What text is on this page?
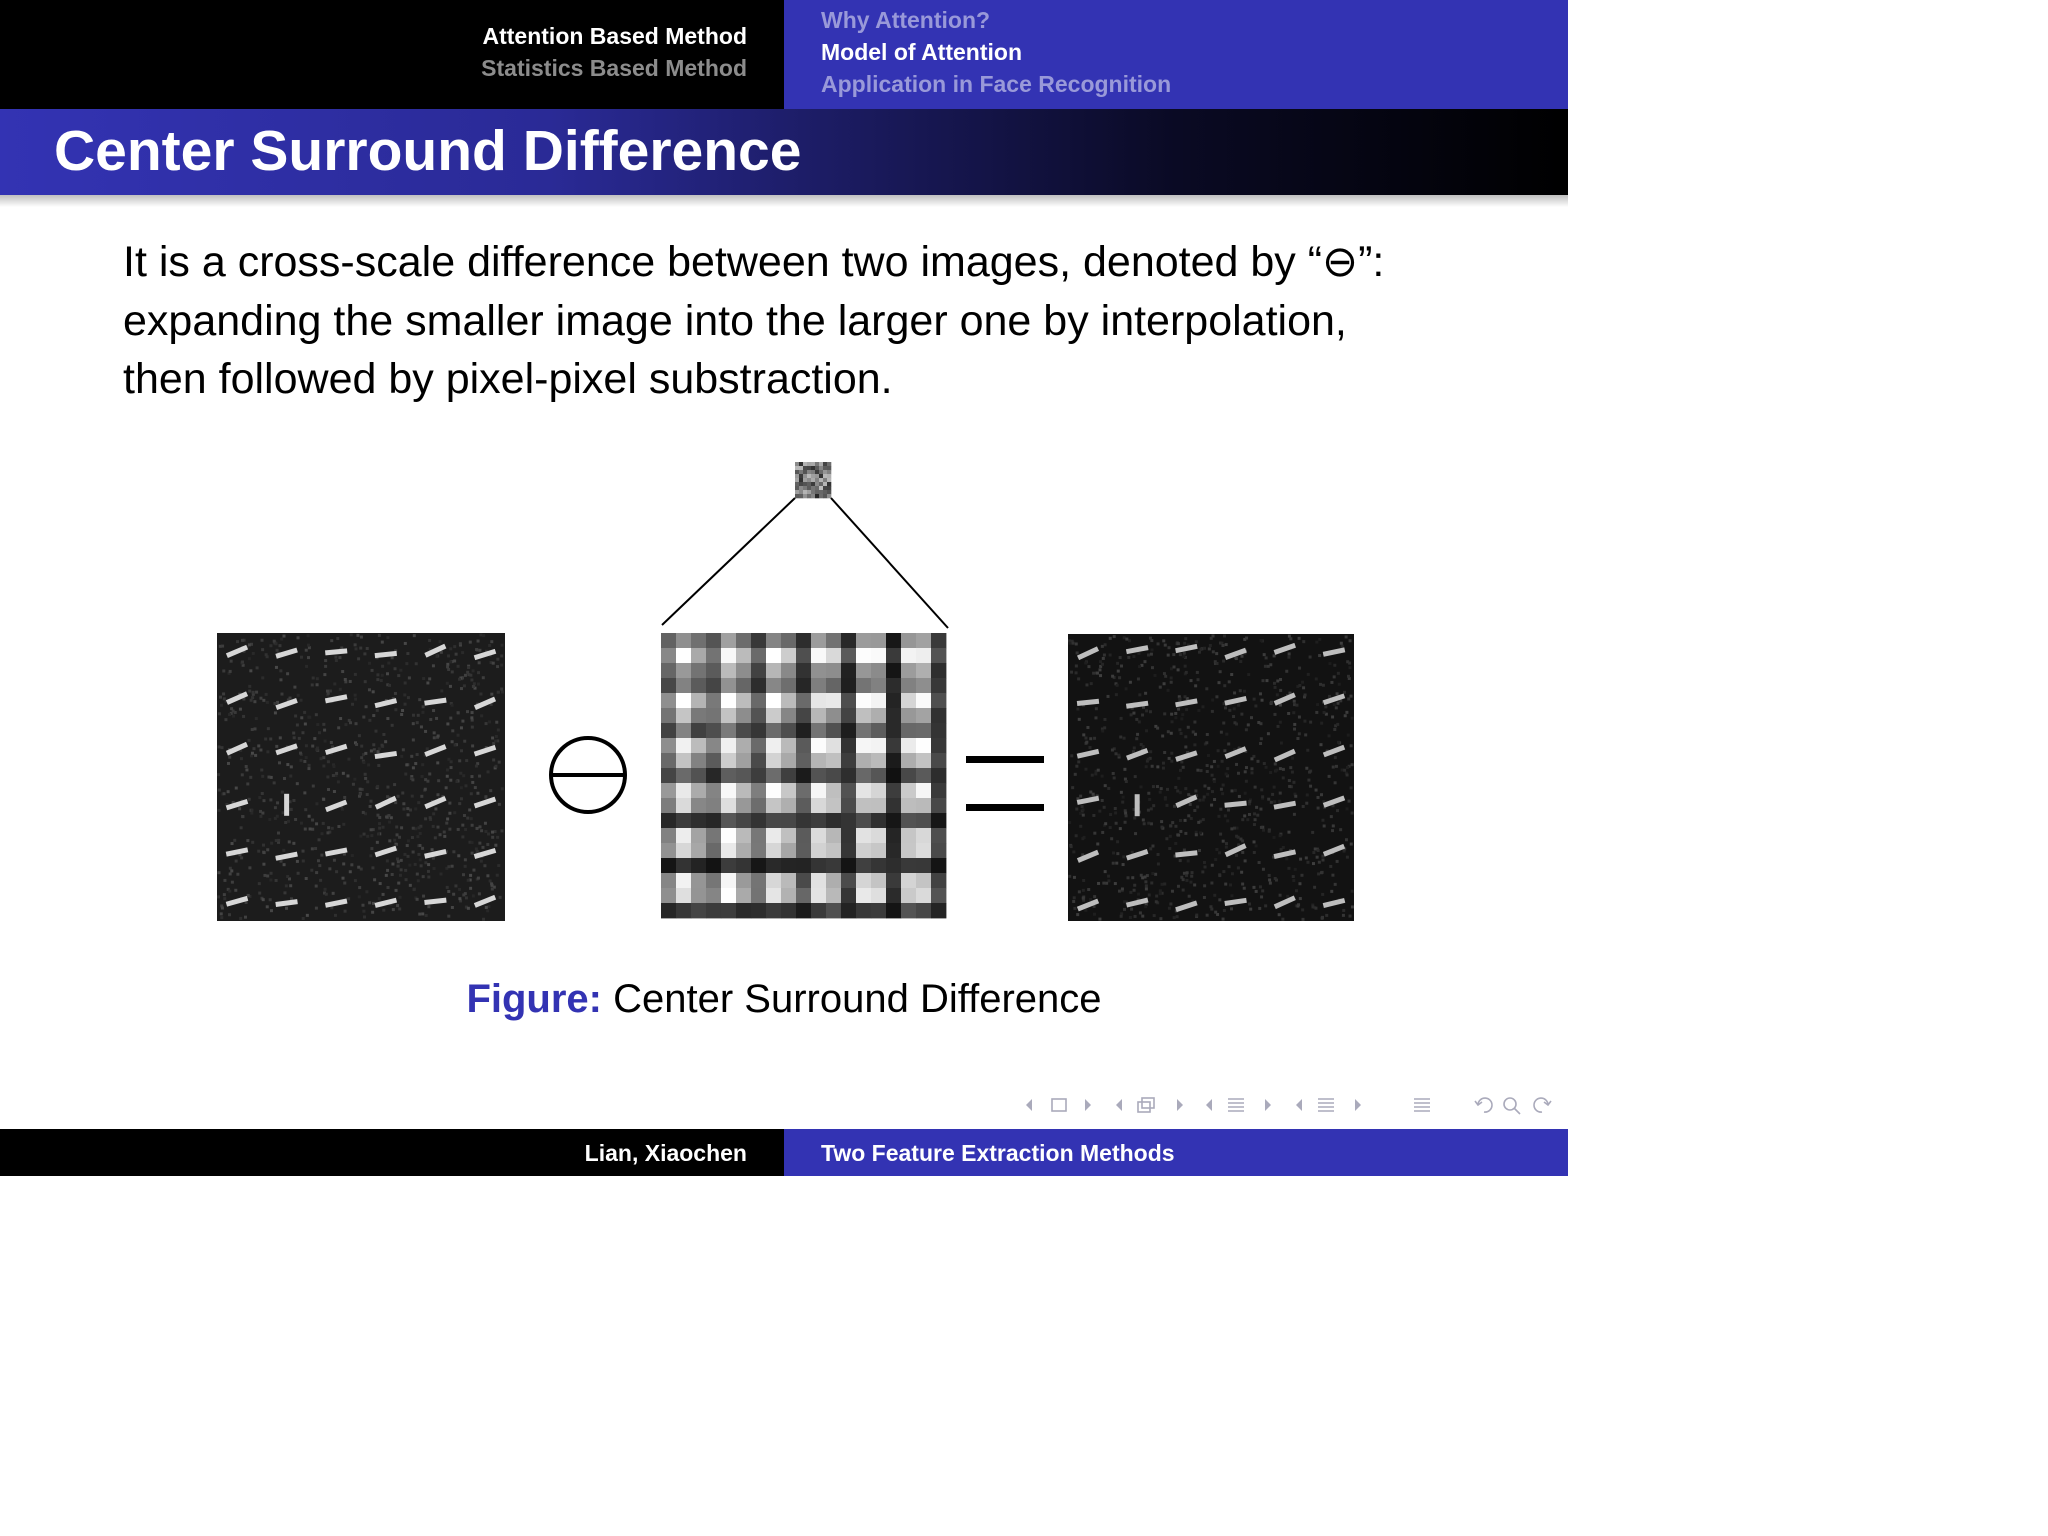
Attention Based Method
Statistics Based Method
Why Attention?
Model of Attention
Application in Face Recognition
Center Surround Difference

It is a cross-scale difference between two images, denoted by “⊖”:

expanding the smaller image into the larger one by interpolation,

then followed by pixel-pixel substraction.

Figure: Center Surround Difference
Lian, Xiaochen	Two Feature Extraction Methods
